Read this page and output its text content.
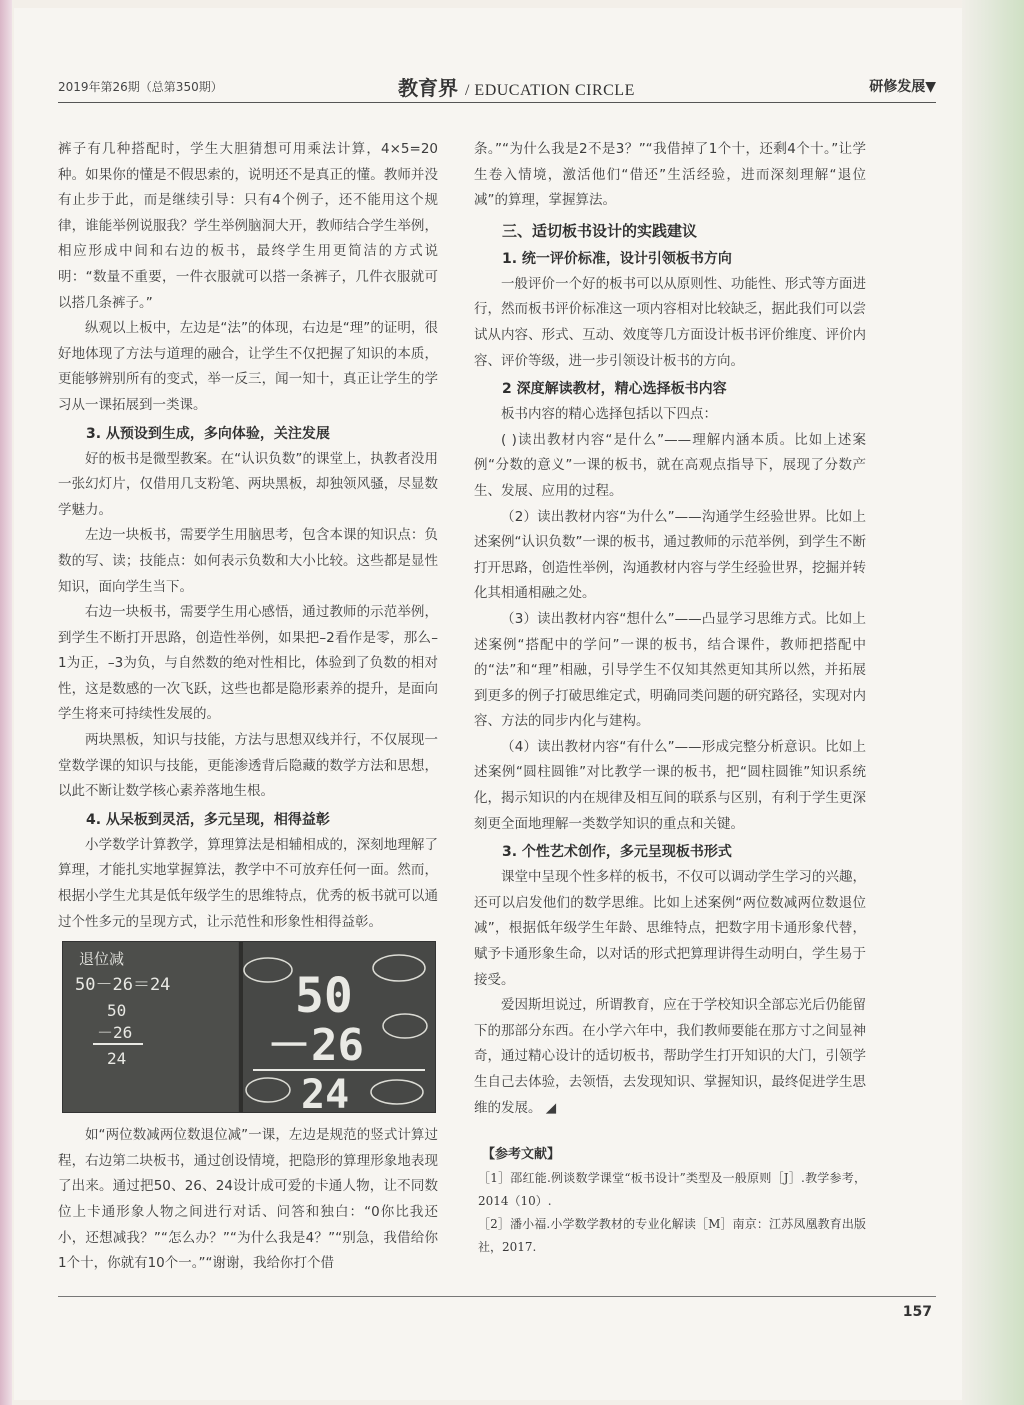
2019年第26期（总第350期）	教育界 / EDUCATION CIRCLE	研修发展▼

裤子有几种搭配时，学生大胆猜想可用乘法计算，4×5=20种。如果你的懂是不假思索的，说明还不是真正的懂。教师并没有止步于此，而是继续引导：只有4个例子，还不能用这个规律，谁能举例说服我？学生举例脑洞大开，教师结合学生举例，相应形成中间和右边的板书，最终学生用更简洁的方式说明：“数量不重要，一件衣服就可以搭一条裤子，几件衣服就可以搭几条裤子。”

纵观以上板中，左边是“法”的体现，右边是“理”的证明，很好地体现了方法与道理的融合，让学生不仅把握了知识的本质，更能够辨别所有的变式，举一反三，闻一知十，真正让学生的学习从一课拓展到一类课。

3. 从预设到生成，多向体验，关注发展

好的板书是微型教案。在“认识负数”的课堂上，执教者没用一张幻灯片，仅借用几支粉笔、两块黑板，却独领风骚，尽显数学魅力。

左边一块板书，需要学生用脑思考，包含本课的知识点：负数的写、读；技能点：如何表示负数和大小比较。这些都是显性知识，面向学生当下。

右边一块板书，需要学生用心感悟，通过教师的示范举例，到学生不断打开思路，创造性举例，如果把–2看作是零，那么–1为正，–3为负，与自然数的绝对性相比，体验到了负数的相对性，这是数感的一次飞跃，这些也都是隐形素养的提升，是面向学生将来可持续性发展的。

两块黑板，知识与技能，方法与思想双线并行，不仅展现一堂数学课的知识与技能，更能渗透背后隐藏的数学方法和思想，以此不断让数学核心素养落地生根。

4. 从呆板到灵活，多元呈现，相得益彰

小学数学计算教学，算理算法是相辅相成的，深刻地理解了算理，才能扎实地掌握算法，教学中不可放弃任何一面。然而，根据小学生尤其是低年级学生的思维特点，优秀的板书就可以通过个性多元的呈现方式，让示范性和形象性相得益彰。

退位减
50－26＝24
50
－26
24
50
－26
24

如“两位数减两位数退位减”一课，左边是规范的竖式计算过程，右边第二块板书，通过创设情境，把隐形的算理形象地表现了出来。通过把50、26、24设计成可爱的卡通人物，让不同数位上卡通形象人物之间进行对话、问答和独白：“0你比我还小，还想减我？”“怎么办？”“为什么我是4？”“别急，我借给你1个十，你就有10个一。”“谢谢，我给你打个借

条。”“为什么我是2不是3？”“我借掉了1个十，还剩4个十。”让学生卷入情境，激活他们“借还”生活经验，进而深刻理解“退位减”的算理，掌握算法。

三、适切板书设计的实践建议
1. 统一评价标准，设计引领板书方向

一般评价一个好的板书可以从原则性、功能性、形式等方面进行，然而板书评价标准这一项内容相对比较缺乏，据此我们可以尝试从内容、形式、互动、效度等几方面设计板书评价维度、评价内容、评价等级，进一步引领设计板书的方向。

2 深度解读教材，精心选择板书内容

板书内容的精心选择包括以下四点：

( )读出教材内容“是什么”——理解内涵本质。比如上述案例“分数的意义”一课的板书，就在高观点指导下，展现了分数产生、发展、应用的过程。

（2）读出教材内容“为什么”——沟通学生经验世界。比如上述案例“认识负数”一课的板书，通过教师的示范举例，到学生不断打开思路，创造性举例，沟通教材内容与学生经验世界，挖掘并转化其相通相融之处。

（3）读出教材内容“想什么”——凸显学习思维方式。比如上述案例“搭配中的学问”一课的板书，结合课件，教师把搭配中的“法”和“理”相融，引导学生不仅知其然更知其所以然，并拓展到更多的例子打破思维定式，明确同类问题的研究路径，实现对内容、方法的同步内化与建构。

（4）读出教材内容“有什么”——形成完整分析意识。比如上述案例“圆柱圆锥”对比教学一课的板书，把“圆柱圆锥”知识系统化，揭示知识的内在规律及相互间的联系与区别，有利于学生更深刻更全面地理解一类数学知识的重点和关键。

3. 个性艺术创作，多元呈现板书形式

课堂中呈现个性多样的板书，不仅可以调动学生学习的兴趣，还可以启发他们的数学思维。比如上述案例“两位数减两位数退位减”，根据低年级学生年龄、思维特点，把数字用卡通形象代替，赋予卡通形象生命，以对话的形式把算理讲得生动明白，学生易于接受。

爱因斯坦说过，所谓教育，应在于学校知识全部忘光后仍能留下的那部分东西。在小学六年中，我们教师要能在那方寸之间显神奇，通过精心设计的适切板书，帮助学生打开知识的大门，引领学生自己去体验，去领悟，去发现知识、掌握知识，最终促进学生思维的发展。 ◢

【参考文献】
［1］邵红能.例谈数学课堂“板书设计”类型及一般原则［J］.教学参考，2014（10）.
［2］潘小福.小学数学教材的专业化解读［M］南京：江苏凤凰教育出版社，2017.
157
